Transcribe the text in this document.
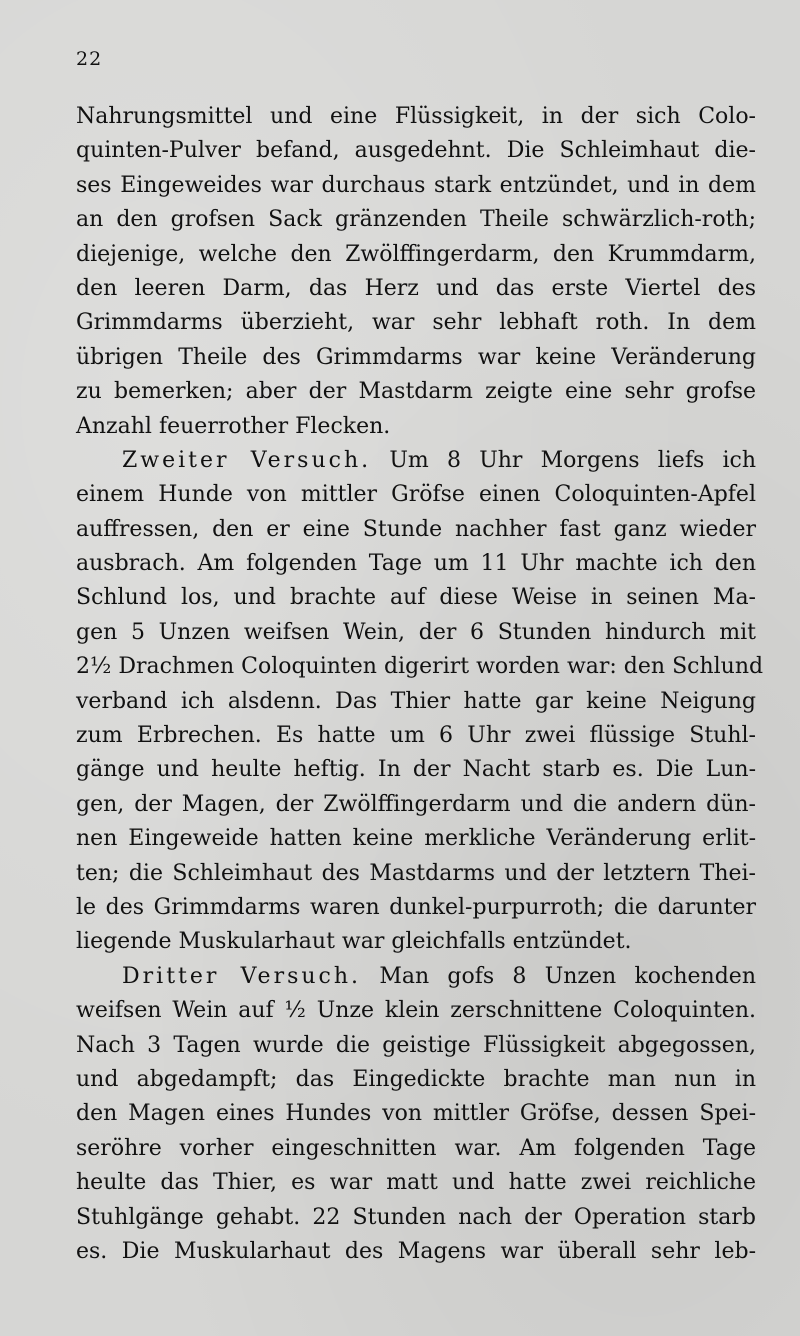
22
Nahrungsmittel und eine Flüssigkeit, in der sich Colo-
quinten-Pulver befand, ausgedehnt. Die Schleimhaut die-
ses Eingeweides war durchaus stark entzündet, und in dem
an den grofsen Sack gränzenden Theile schwärzlich-roth;
diejenige, welche den Zwölffingerdarm, den Krummdarm,
den leeren Darm, das Herz und das erste Viertel des
Grimmdarms überzieht, war sehr lebhaft roth. In dem
übrigen Theile des Grimmdarms war keine Veränderung
zu bemerken; aber der Mastdarm zeigte eine sehr grofse
Anzahl feuerrother Flecken.
Zweiter Versuch. Um 8 Uhr Morgens liefs ich
einem Hunde von mittler Gröfse einen Coloquinten-Apfel
auffressen, den er eine Stunde nachher fast ganz wieder
ausbrach. Am folgenden Tage um 11 Uhr machte ich den
Schlund los, und brachte auf diese Weise in seinen Ma-
gen 5 Unzen weifsen Wein, der 6 Stunden hindurch mit
2½ Drachmen Coloquinten digerirt worden war: den Schlund
verband ich alsdenn. Das Thier hatte gar keine Neigung
zum Erbrechen. Es hatte um 6 Uhr zwei flüssige Stuhl-
gänge und heulte heftig. In der Nacht starb es. Die Lun-
gen, der Magen, der Zwölffingerdarm und die andern dün-
nen Eingeweide hatten keine merkliche Veränderung erlit-
ten; die Schleimhaut des Mastdarms und der letztern Thei-
le des Grimmdarms waren dunkel-purpurroth; die darunter
liegende Muskularhaut war gleichfalls entzündet.
Dritter Versuch. Man gofs 8 Unzen kochenden
weifsen Wein auf ½ Unze klein zerschnittene Coloquinten.
Nach 3 Tagen wurde die geistige Flüssigkeit abgegossen,
und abgedampft; das Eingedickte brachte man nun in
den Magen eines Hundes von mittler Gröfse, dessen Spei-
seröhre vorher eingeschnitten war. Am folgenden Tage
heulte das Thier, es war matt und hatte zwei reichliche
Stuhlgänge gehabt. 22 Stunden nach der Operation starb
es. Die Muskularhaut des Magens war überall sehr leb-
